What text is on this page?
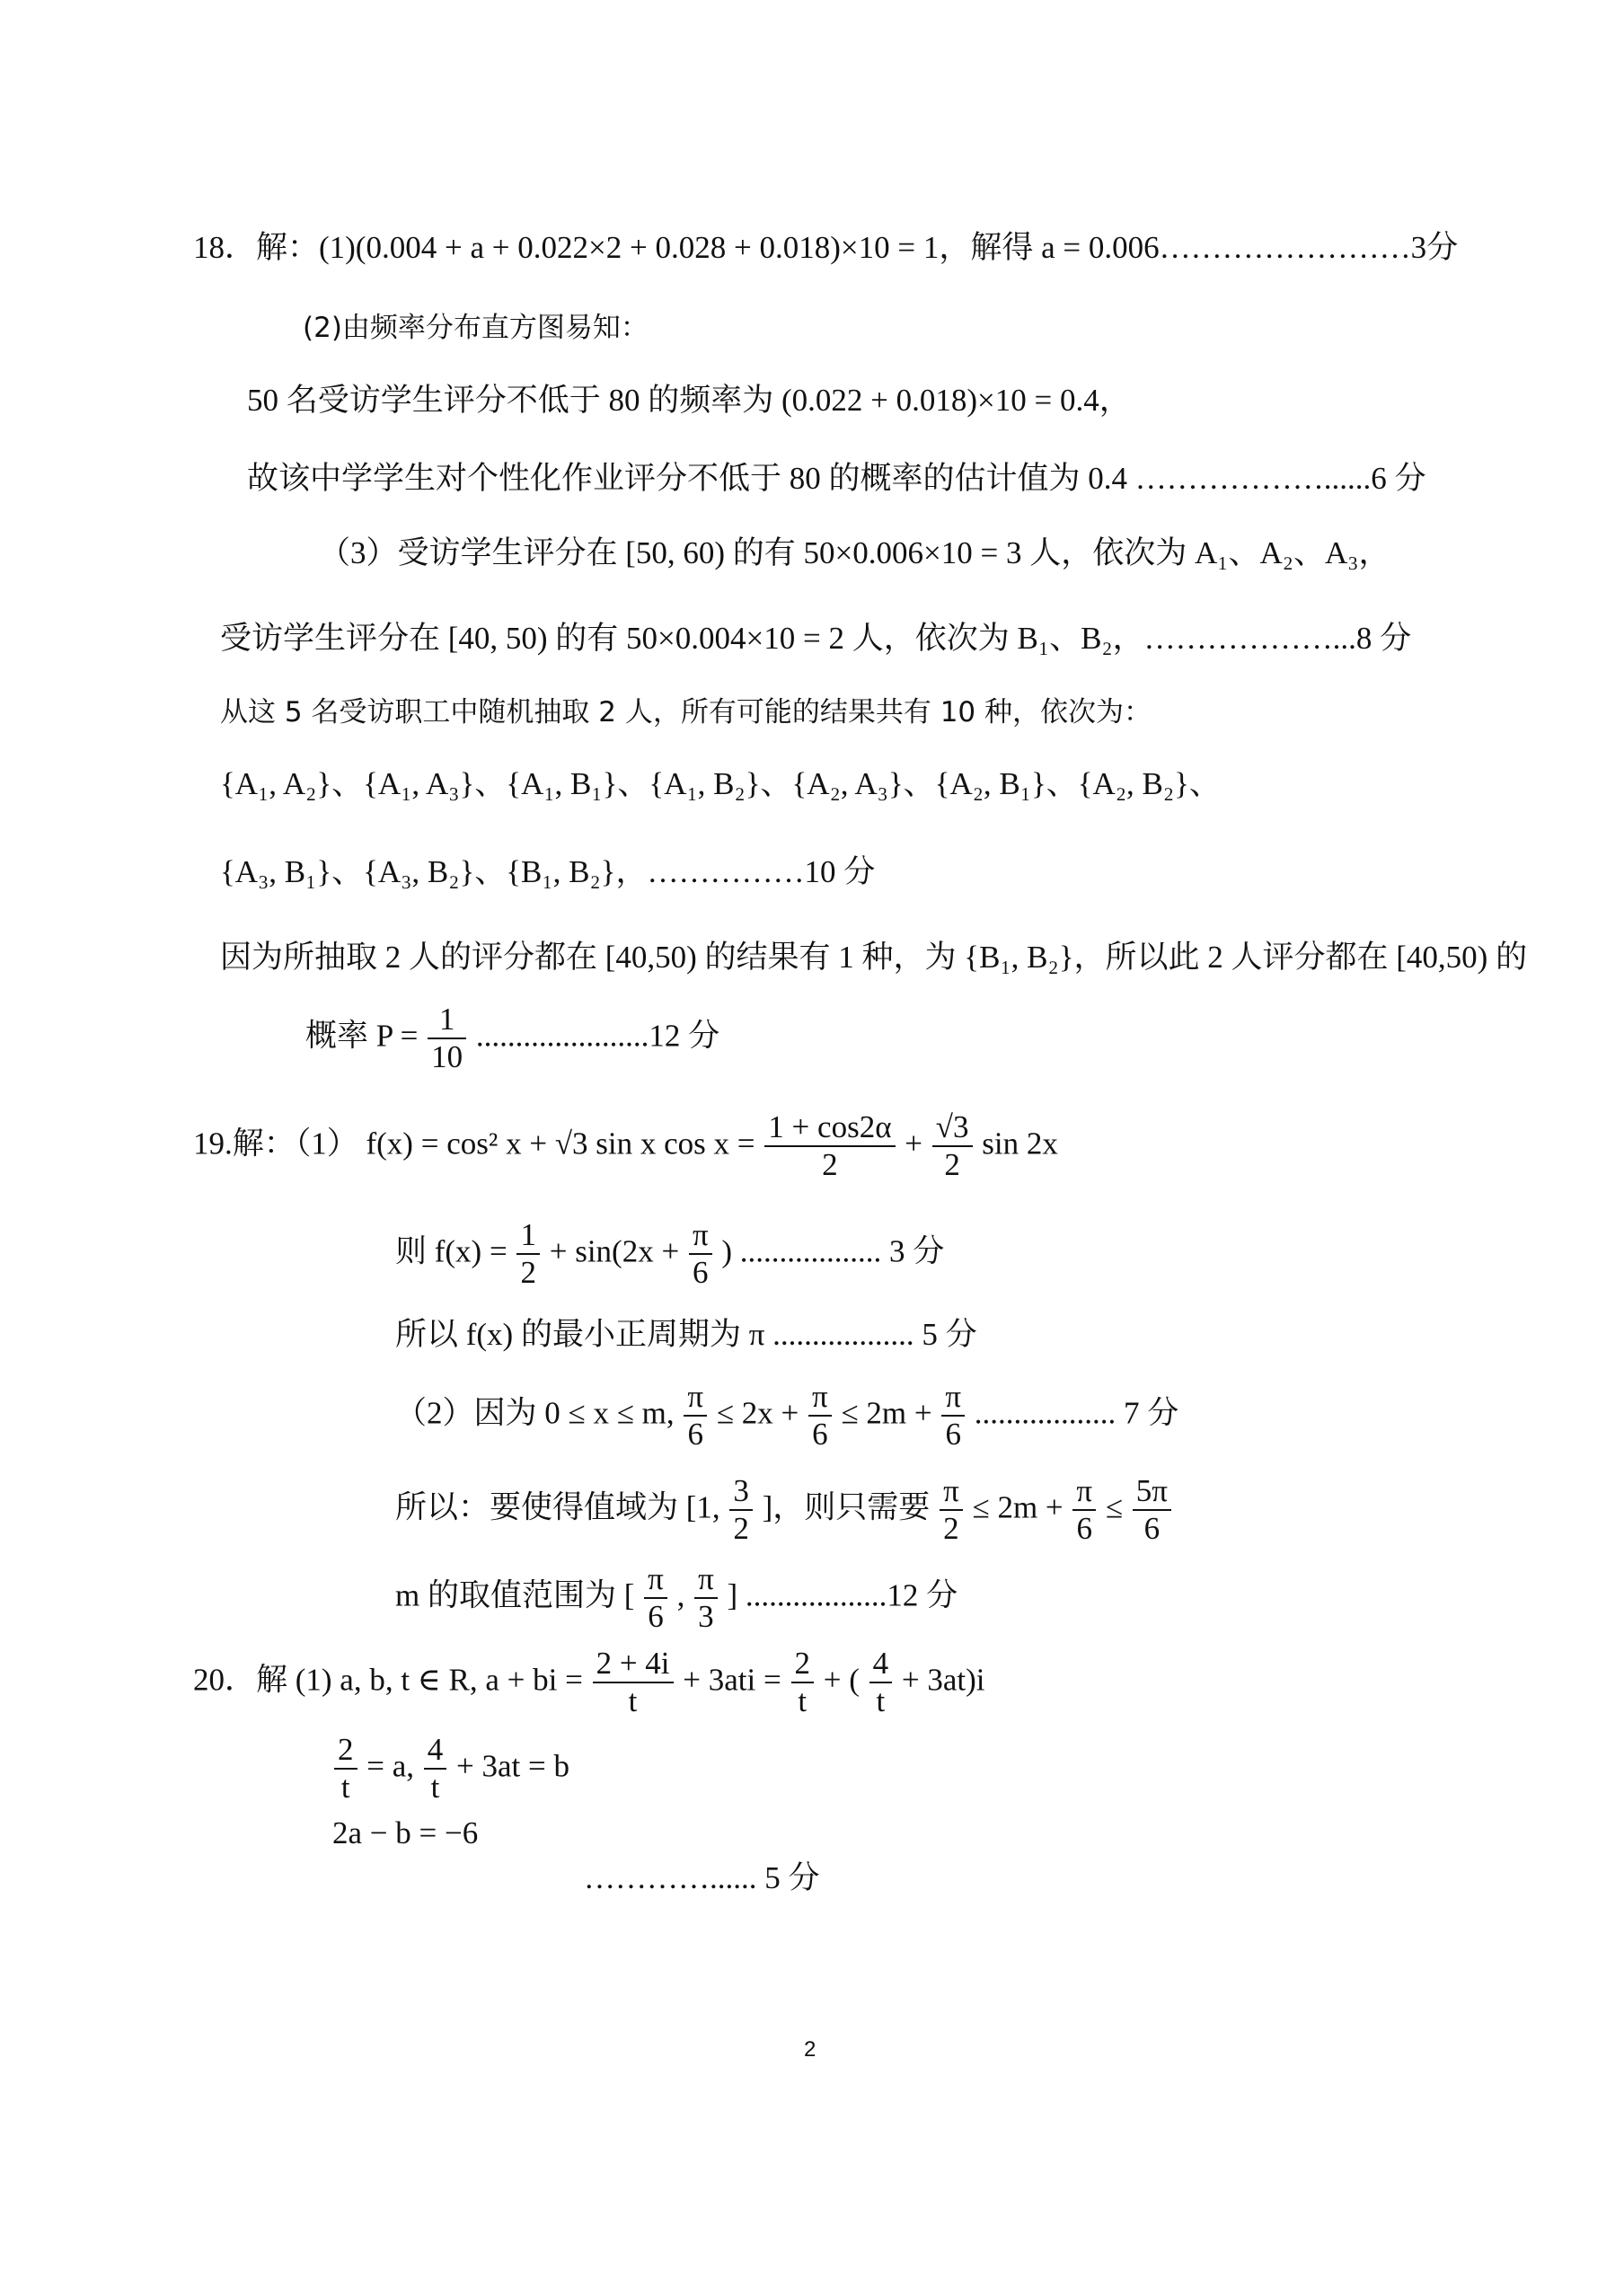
18．解：(1)(0.004 + a + 0.022×2 + 0.028 + 0.018)×10 = 1，解得 a = 0.006……………………3分
(2)由频率分布直方图易知：
50 名受访学生评分不低于 80 的频率为 (0.022 + 0.018)×10 = 0.4，
故该中学学生对个性化作业评分不低于 80 的概率的估计值为 0.4 ………………......6 分
（3）受访学生评分在 [50, 60) 的有 50×0.006×10 = 3 人，依次为 A₁、A₂、A₃，
受访学生评分在 [40, 50) 的有 50×0.004×10 = 2 人，依次为 B₁、B₂，………………...8 分
从这 5 名受访职工中随机抽取 2 人，所有可能的结果共有 10 种，依次为：
{A₁, A₂}、{A₁, A₃}、{A₁, B₁}、{A₁, B₂}、{A₂, A₃}、{A₂, B₁}、{A₂, B₂}、
{A₃, B₁}、{A₃, B₂}、{B₁, B₂}，……………10 分
因为所抽取 2 人的评分都在 [40,50) 的结果有 1 种，为 {B₁, B₂}，所以此 2 人评分都在 [40,50) 的
概率 $P = \frac{1}{10} ......................12$ 分
19.解：（1） f(x) = cos² x + √3 sin x $\cos x = \frac{1 + \cos 2\alpha}{2} + \frac{√3}{2}$ sin 2x
则 $f(x) = \frac{1}{2} + \sin(2x + \frac{\pi}{6}$ ) .................. 3 分
所以 f(x) 的最小正周期为 π .................. 5 分
（2）因为 0 ≤ x ≤ m, $\frac{\pi}{6} \le 2x + \frac{\pi}{6} \le 2m + \frac{\pi}{6}$ .................. 7 分
所以：要使得值域为 [1, $\frac{3}{2}$ ]，则只需要 $\frac{\pi}{2} \le 2m + \frac{\pi}{6} \le \frac{5\pi}{6}$
m 的取值范围为 [ $\frac{\pi}{6}$ , $\frac{\pi}{3}$ ] ..................12 分
20．解 (1) a, b, t ∈ R, a + bi = $\frac{2 + 4i}{t} + 3ati = \frac{2}{t}$ + ( $\frac{4}{t} + 3at)i$
$\frac{2}{t} = a$, $\frac{4}{t} + 3at = b$
2a − b = −6
…………...... 5 分
2
